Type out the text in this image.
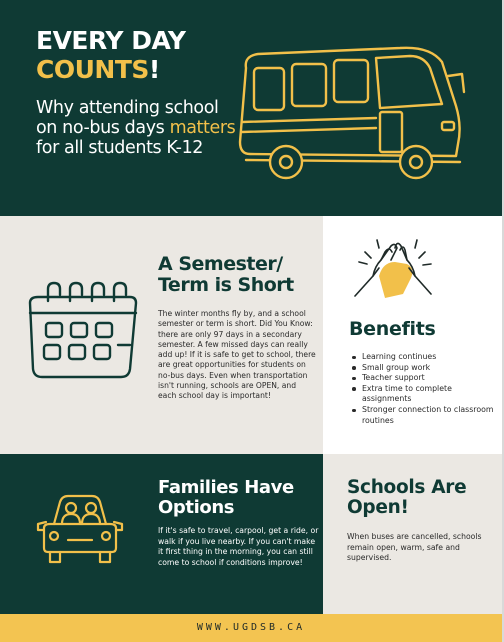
EVERY DAY
COUNTS!

Why attending school on no-bus days matters for all students K-12

A Semester/ Term is Short

The winter months fly by, and a school semester or term is short. Did You Know: there are only 97 days in a secondary semester. A few missed days can really add up! If it is safe to get to school, there are great opportunities for students on no-bus days. Even when transportation isn't running, schools are OPEN, and each school day is important!

Benefits
Learning continues
Small group work
Teacher support
Extra time to complete assignments
Stronger connection to classroom routines
Families Have Options

If it's safe to travel, carpool, get a ride, or walk if you live nearby. If you can't make it first thing in the morning, you can still come to school if conditions improve!

Schools Are Open!

When buses are cancelled, schools remain open, warm, safe and supervised.

WWW.UGDSB.CA
